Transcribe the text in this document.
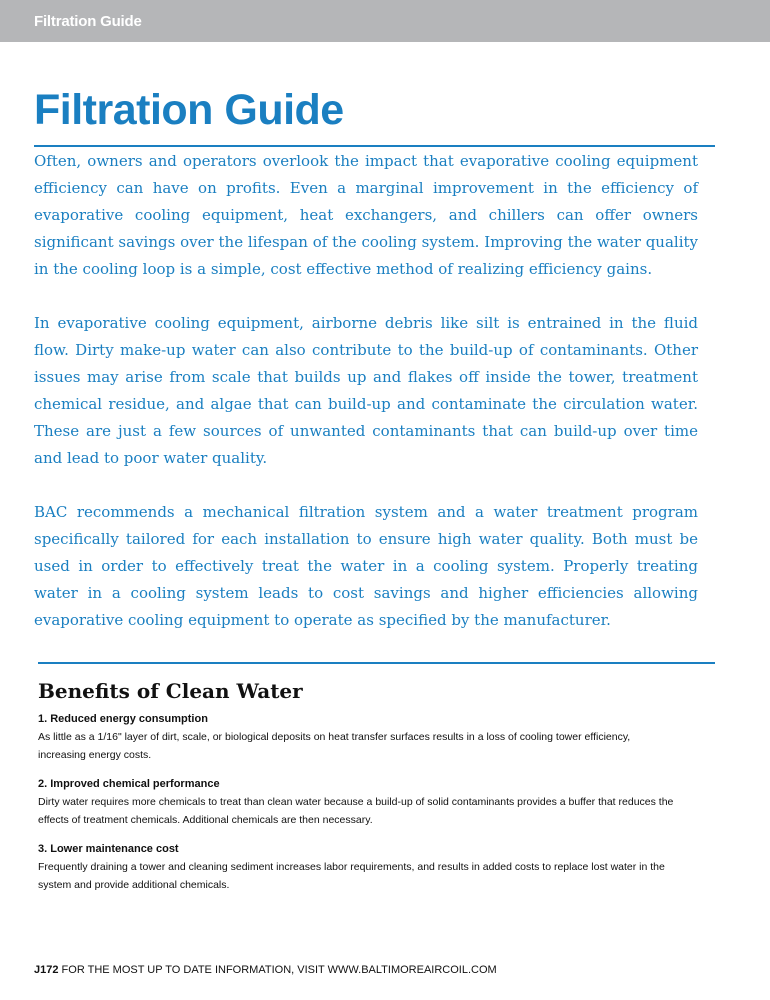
Filtration Guide
Filtration Guide

Often, owners and operators overlook the impact that evaporative cooling equipment efficiency can have on profits. Even a marginal improvement in the efficiency of evaporative cooling equipment, heat exchangers, and chillers can offer owners significant savings over the lifespan of the cooling system. Improving the water quality in the cooling loop is a simple, cost effective method of realizing efficiency gains.

In evaporative cooling equipment, airborne debris like silt is entrained in the fluid flow. Dirty make-up water can also contribute to the build-up of contaminants. Other issues may arise from scale that builds up and flakes off inside the tower, treatment chemical residue, and algae that can build-up and contaminate the circulation water. These are just a few sources of unwanted contaminants that can build-up over time and lead to poor water quality.

BAC recommends a mechanical filtration system and a water treatment program specifically tailored for each installation to ensure high water quality. Both must be used in order to effectively treat the water in a cooling system. Properly treating water in a cooling system leads to cost savings and higher efficiencies allowing evaporative cooling equipment to operate as specified by the manufacturer.

Benefits of Clean Water
1. Reduced energy consumption
As little as a 1/16" layer of dirt, scale, or biological deposits on heat transfer surfaces results in a loss of cooling tower efficiency, increasing energy costs.
2. Improved chemical performance
Dirty water requires more chemicals to treat than clean water because a build-up of solid contaminants provides a buffer that reduces the effects of treatment chemicals. Additional chemicals are then necessary.
3. Lower maintenance cost
Frequently draining a tower and cleaning sediment increases labor requirements, and results in added costs to replace lost water in the system and provide additional chemicals.
J172 FOR THE MOST UP TO DATE INFORMATION, VISIT WWW.BALTIMOREAIRCOIL.COM
